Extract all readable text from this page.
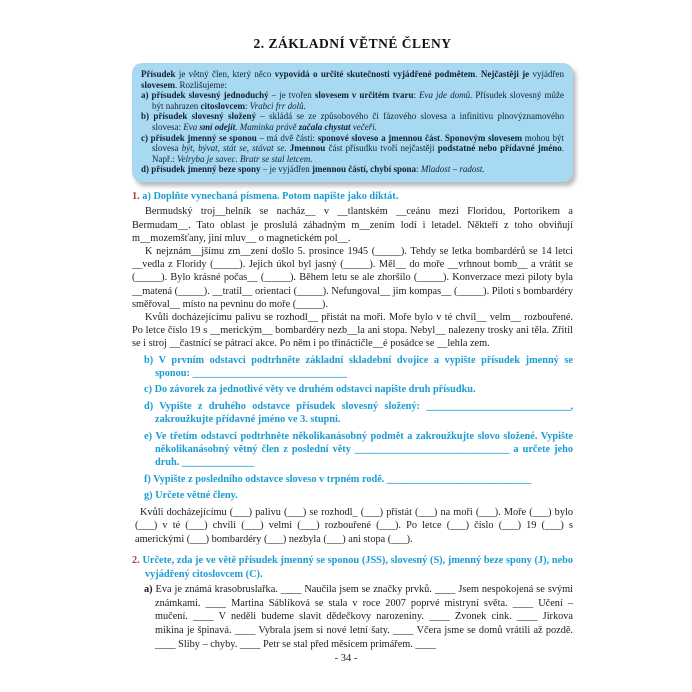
2. ZÁKLADNÍ VĚTNÉ ČLENY

Přísudek je větný člen, který něco vypovídá o určité skutečnosti vyjádřené podmětem. Nejčastěji je vyjádřen slovesem. Rozlišujeme:

a) přísudek slovesný jednoduchý – je tvořen slovesem v určitém tvaru: Eva jde domů. Přísudek slovesný může být nahrazen citoslovcem: Vrabci frr dolů.

b) přísudek slovesný složený – skládá se ze způsobového či fázového slovesa a infinitivu plnovýznamového slovesa: Eva smí odejít. Maminka právě začala chystat večeři.

c) přísudek jmenný se sponou – má dvě části: sponové sloveso a jmennou část. Sponovým slovesem mohou být slovesa být, bývat, stát se, stávat se. Jmennou část přísudku tvoří nejčastěji podstatné nebo přídavné jméno. Např.: Velryba je savec. Bratr se stal letcem.

d) přísudek jmenný beze spony – je vyjádřen jmennou částí, chybí spona: Mladost – radost.

1. a) Doplňte vynechaná písmena. Potom napište jako diktát.

Bermudský troj__helník se nacház__ v __tlantském __ceánu mezi Floridou, Portorikem a Bermudam__. Tato oblast je proslulá záhadným m__zením lodí i letadel. Někteří z toho obviňují m__mozemšťany, jiní mluv__ o magnetickém pol__.

K nejznám__jšímu zm__zení došlo 5. prosince 1945 (_____). Tehdy se letka bombardérů se 14 letci __vedla z Floridy (_____). Jejich úkol byl jasný (_____). Měl__ do moře __vrhnout bomb__ a vrátit se (_____). Bylo krásné počas__ (_____). Během letu se ale zhoršilo (_____). Konverzace mezi piloty byla __matená (_____). __tratil__ orientaci (_____). Nefungoval__ jim kompas__ (_____). Piloti s bombardéry směřoval__ místo na pevninu do moře (_____).

Kvůli docházejícímu palivu se rozhodl__ přistát na moři. Moře bylo v té chvíl__ velm__ rozbouřené. Po letce číslo 19 s __merickým__ bombardéry nezb__la ani stopa. Nebyl__ nalezeny trosky ani těla. Zřítil se i stroj __častnící se pátrací akce. Po něm i po třináctičle__é posádce se __lehla zem.

b) V prvním odstavci podtrhněte základní skladební dvojice a vypište přísudek jmenný se sponou: ______________________________

c) Do závorek za jednotlivé věty ve druhém odstavci napište druh přísudku.

d) Vypište z druhého odstavce přísudek slovesný složený: ____________________________, zakroužkujte přídavné jméno ve 3. stupni.

e) Ve třetím odstavci podtrhněte několikanásobný podmět a zakroužkujte slovo složené. Vypište několikanásobný větný člen z poslední věty ______________________________ a určete jeho druh. ______________

f) Vypište z posledního odstavce sloveso v trpném rodě. ____________________________

g) Určete větné členy.

Kvůli docházejícímu (___) palivu (___) se rozhodl_ (___) přistát (___) na moři (___). Moře (___) bylo (___) v té (___) chvíli (___) velmi (___) rozbouřené (___). Po letce (___) číslo (___) 19 (___) s americkými (___) bombardéry (___) nezbyla (___) ani stopa (___).

2. Určete, zda je ve větě přísudek jmenný se sponou (JSS), slovesný (S), jmenný beze spony (J), nebo vyjádřený citoslovcem (C).

a) Eva je známá krasobruslařka. ____ Naučila jsem se značky prvků. ____ Jsem nespokojená se svými známkami. ____ Martina Sáblíková se stala v roce 2007 poprvé mistryní světa. ____ Učení – mučení. ____ V neděli budeme slavit dědečkovy narozeniny. ____ Zvonek cink. ____ Jirkova mikina je špinavá. ____ Vybrala jsem si nové letní šaty. ____ Včera jsme se domů vrátili až pozdě. ____ Sliby – chyby. ____ Petr se stal před měsícem primářem. ____

- 34 -
